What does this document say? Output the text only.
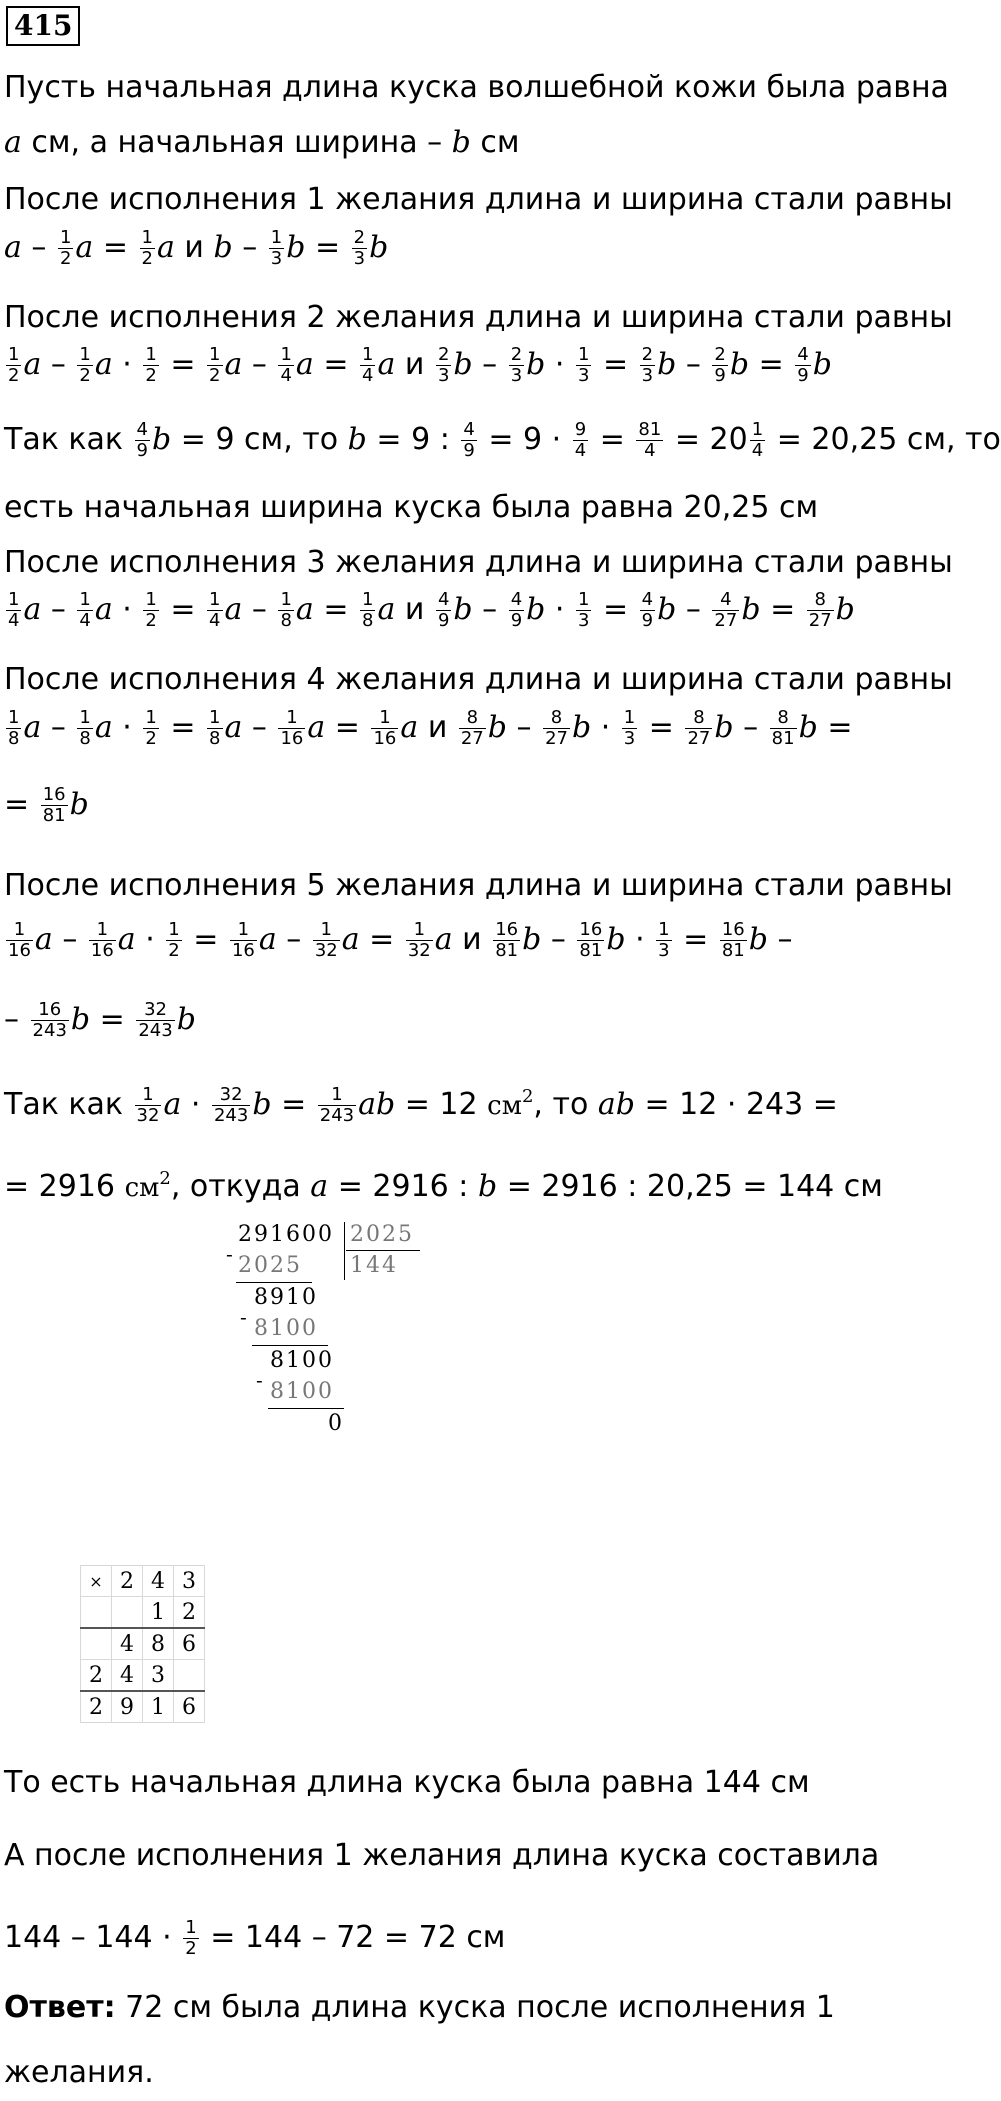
415
Пусть начальная длина куска волшебной кожи была равна
a см, а начальная ширина – b см
После исполнения 1 желания длина и ширина стали равны
a – $\frac{1}{2}$ $a = \frac{1}{2}$ a и b – $\frac{1}{3}$ $b = \frac{2}{3}$ b
После исполнения 2 желания длина и ширина стали равны
$\frac{1}{2}$ a – $\frac{1}{2}$ $a \cdot \frac{1}{2} = \frac{1}{2}$ a – $\frac{1}{4}$ $a = \frac{1}{4}$ a и $\frac{2}{3}$ b – $\frac{2}{3}$ $b \cdot \frac{1}{3} = \frac{2}{3}$ b – $\frac{2}{9}$ $b = \frac{4}{9}$ b
Так как $\frac{4}{9}$ b = 9 см, то b = 9 : $\frac{4}{9} = 9 \cdot \frac{9}{4} = \frac{81}{4} = 20 \frac{1}{4} = 20,25$ см, то
есть начальная ширина куска была равна 20,25 см
После исполнения 3 желания длина и ширина стали равны
$\frac{1}{4}$ a – $\frac{1}{4}$ $a \cdot \frac{1}{2} = \frac{1}{4}$ a – $\frac{1}{8}$ $a = \frac{1}{8}$ a и $\frac{4}{9}$ b – $\frac{4}{9}$ $b \cdot \frac{1}{3} = \frac{4}{9}$ b – $\frac{4}{27}$ $b = \frac{8}{27}$ b
После исполнения 4 желания длина и ширина стали равны
$\frac{1}{8}$ a – $\frac{1}{8}$ $a \cdot \frac{1}{2} = \frac{1}{8}$ a – $\frac{1}{16}$ $a = \frac{1}{16}$ a и $\frac{8}{27}$ b – $\frac{8}{27}$ $b \cdot \frac{1}{3} = \frac{8}{27}$ b – $\frac{8}{81}$ b =
= $\frac{16}{81}$ b
После исполнения 5 желания длина и ширина стали равны
$\frac{1}{16}$ a – $\frac{1}{16}$ $a \cdot \frac{1}{2} = \frac{1}{16}$ a – $\frac{1}{32}$ $a = \frac{1}{32}$ a и $\frac{16}{81}$ b – $\frac{16}{81}$ $b \cdot \frac{1}{3} = \frac{16}{81}$ b –
– $\frac{16}{243}$ $b = \frac{32}{243}$ b
Так как $\frac{1}{32}$ $a \cdot \frac{32}{243}$ $b = \frac{1}{243}$ ab = 12 $см^2$, то ab = 12 · 243 =
= 2916 $см^2$, откуда a = 2916 : b = 2916 : 20,25 = 144 см
291600 2025
144
- 2025
8910
- 8100
8100
- 8100
0
×	2	4	3
		1	2
	4	8	6
2	4	3	
2	9	1	6
То есть начальная длина куска была равна 144 см
А после исполнения 1 желания длина куска составила
$144 - 144 \cdot \frac{1}{2} = 144 - 72 = 72$ см
Ответ: 72 см была длина куска после исполнения 1
желания.
